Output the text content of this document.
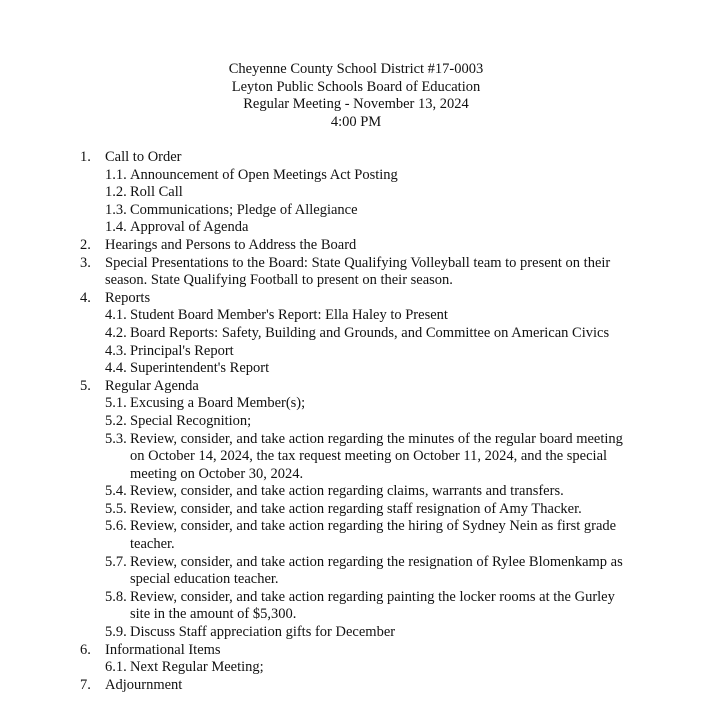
Cheyenne County School District #17-0003
Leyton Public Schools Board of Education
Regular Meeting - November 13, 2024
4:00 PM
1. Call to Order
1.1. Announcement of Open Meetings Act Posting
1.2. Roll Call
1.3. Communications; Pledge of Allegiance
1.4. Approval of Agenda
2. Hearings and Persons to Address the Board
3. Special Presentations to the Board: State Qualifying Volleyball team to present on their season. State Qualifying Football to present on their season.
4. Reports
4.1. Student Board Member's Report: Ella Haley to Present
4.2. Board Reports: Safety, Building and Grounds, and Committee on American Civics
4.3. Principal's Report
4.4. Superintendent's Report
5. Regular Agenda
5.1. Excusing a Board Member(s);
5.2. Special Recognition;
5.3. Review, consider, and take action regarding the minutes of the regular board meeting on October 14, 2024, the tax request meeting on October 11, 2024, and the special meeting on October 30, 2024.
5.4. Review, consider, and take action regarding claims, warrants and transfers.
5.5. Review, consider, and take action regarding staff resignation of Amy Thacker.
5.6. Review, consider, and take action regarding the hiring of Sydney Nein as first grade teacher.
5.7. Review, consider, and take action regarding the resignation of Rylee Blomenkamp as special education teacher.
5.8. Review, consider, and take action regarding painting the locker rooms at the Gurley site in the amount of $5,300.
5.9. Discuss Staff appreciation gifts for December
6. Informational Items
6.1. Next Regular Meeting;
7. Adjournment
